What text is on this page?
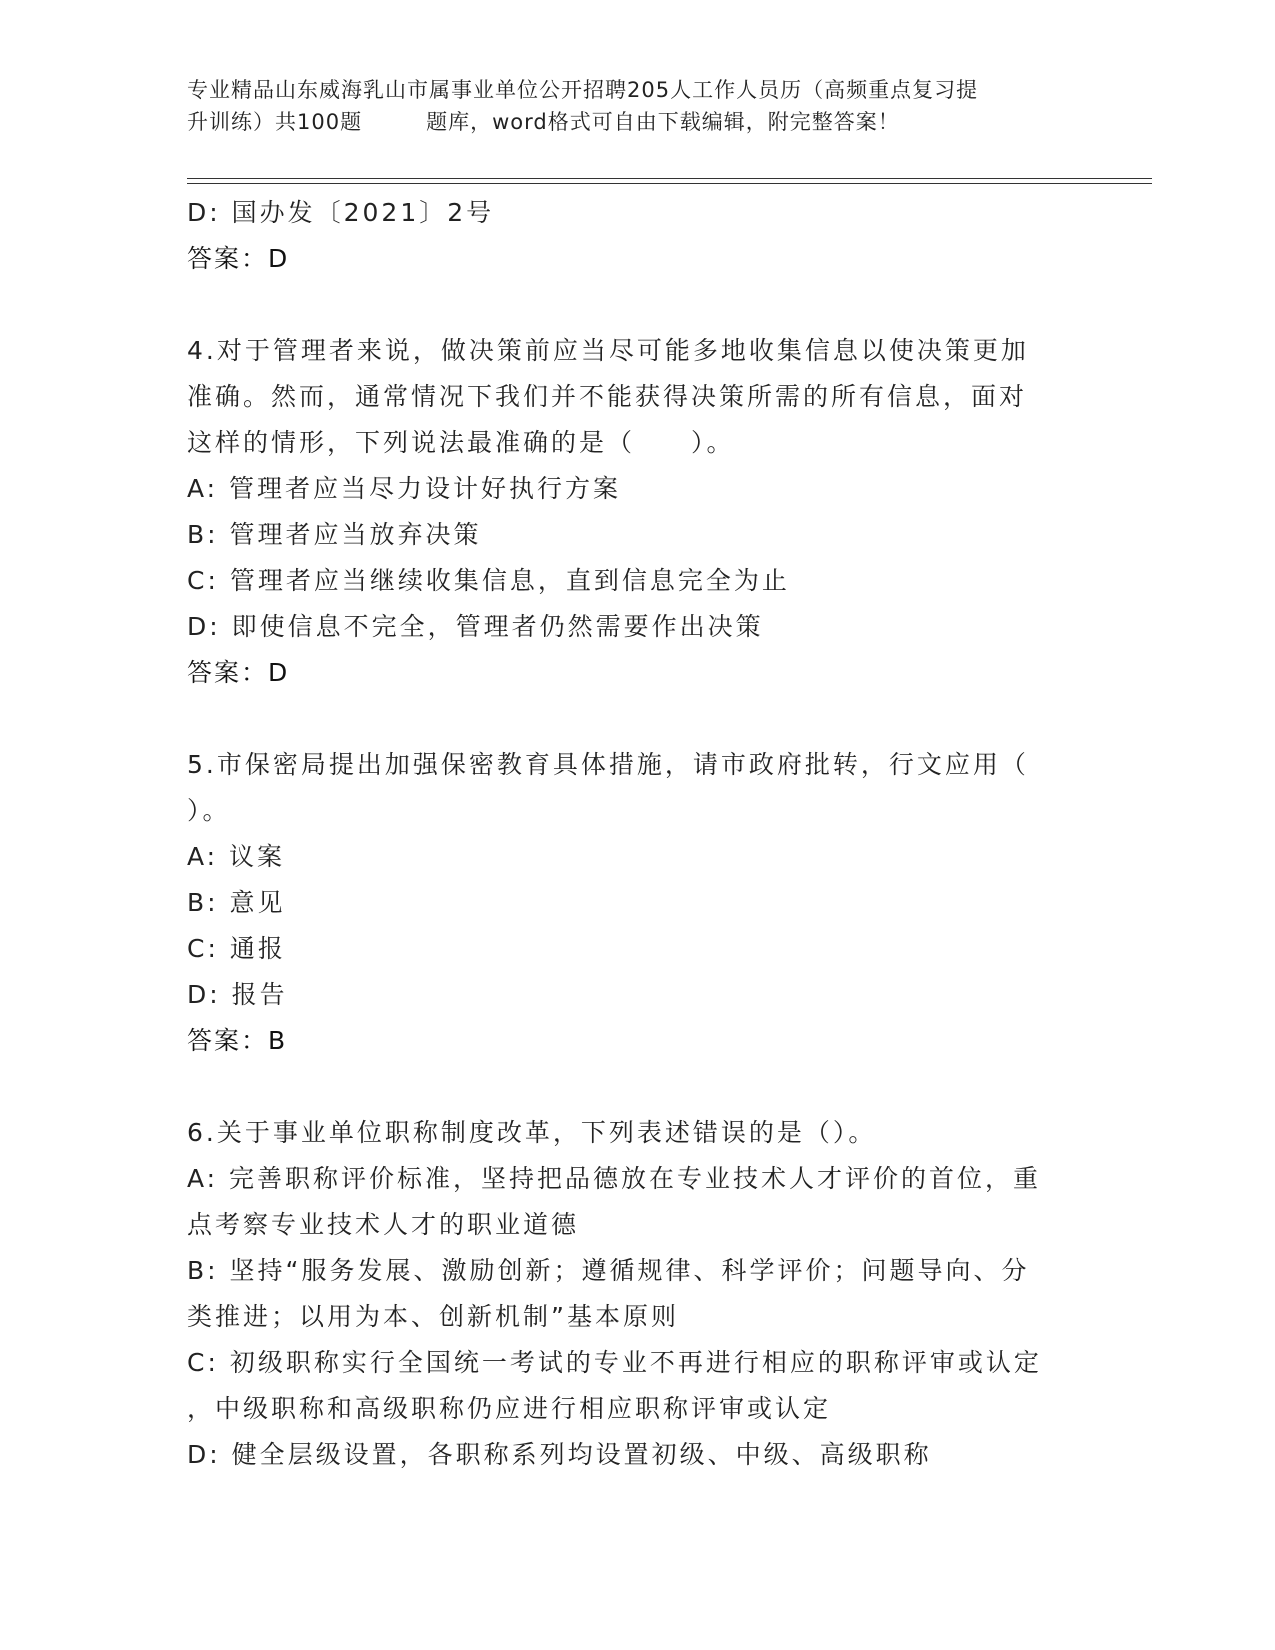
专业精品山东威海乳山市属事业单位公开招聘205人工作人员历（高频重点复习提
升训练）共100题	题库，word格式可自由下载编辑，附完整答案！
D: 国办发〔2021〕2号
答案：D
4.对于管理者来说，做决策前应当尽可能多地收集信息以使决策更加
准确。然而，通常情况下我们并不能获得决策所需的所有信息，面对
这样的情形，下列说法最准确的是（　　）。
A: 管理者应当尽力设计好执行方案
B: 管理者应当放弃决策
C: 管理者应当继续收集信息，直到信息完全为止
D: 即使信息不完全，管理者仍然需要作出决策
答案：D
5.市保密局提出加强保密教育具体措施，请市政府批转，行文应用（
）。
A: 议案
B: 意见
C: 通报
D: 报告
答案：B
6.关于事业单位职称制度改革，下列表述错误的是（）。
A: 完善职称评价标准，坚持把品德放在专业技术人才评价的首位，重
点考察专业技术人才的职业道德
B: 坚持“服务发展、激励创新；遵循规律、科学评价；问题导向、分
类推进；以用为本、创新机制”基本原则
C: 初级职称实行全国统一考试的专业不再进行相应的职称评审或认定
，中级职称和高级职称仍应进行相应职称评审或认定
D: 健全层级设置，各职称系列均设置初级、中级、高级职称
